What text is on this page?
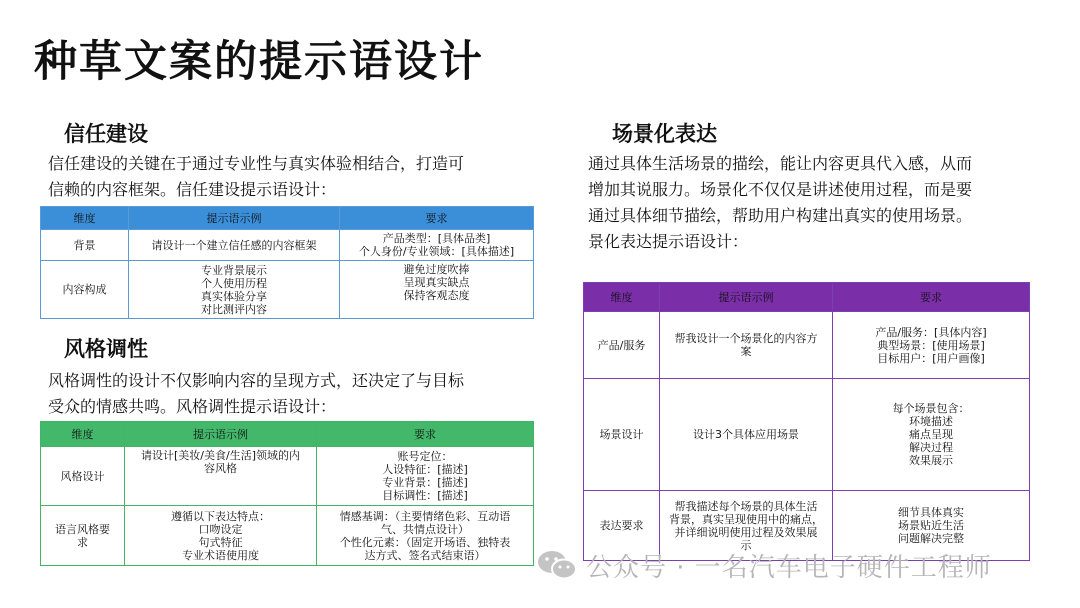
种草文案的提示语设计
信任建设

信任建设的关键在于通过专业性与真实体验相结合，打造可
信赖的内容框架。信任建设提示语设计：

维度	提示语示例	要求
背景	请设计一个建立信任感的内容框架	产品类型：[具体品类]
个人身份/专业领域：[具体描述]
内容构成	专业背景展示
个人使用历程
真实体验分享
对比测评内容	避免过度吹捧
呈现真实缺点
保持客观态度
风格调性

风格调性的设计不仅影响内容的呈现方式，还决定了与目标
受众的情感共鸣。风格调性提示语设计：

维度	提示语示例	要求
风格设计	请设计[美妆/美食/生活]领域的内
容风格	账号定位：
人设特征：[描述]
专业背景：[描述]
目标调性：[描述]
语言风格要
求	遵循以下表达特点：
口吻设定
句式特征
专业术语使用度	情感基调：（主要情绪色彩、互动语
气、共情点设计）
个性化元素：（固定开场语、独特表
达方式、签名式结束语）
场景化表达

通过具体生活场景的描绘，能让内容更具代入感，从而
增加其说服力。场景化不仅仅是讲述使用过程，而是要
通过具体细节描绘，帮助用户构建出真实的使用场景。
景化表达提示语设计：

维度	提示语示例	要求
产品/服务	帮我设计一个场景化的内容方
案	产品/服务：[具体内容]
典型场景：[使用场景]
目标用户：[用户画像]
场景设计	设计3个具体应用场景	每个场景包含：
环境描述
痛点呈现
解决过程
效果展示
表达要求	帮我描述每个场景的具体生活
背景，真实呈现使用中的痛点，
并详细说明使用过程及效果展
示	细节具体真实
场景贴近生活
问题解决完整
公众号 · 一名汽车电子硬件工程师
